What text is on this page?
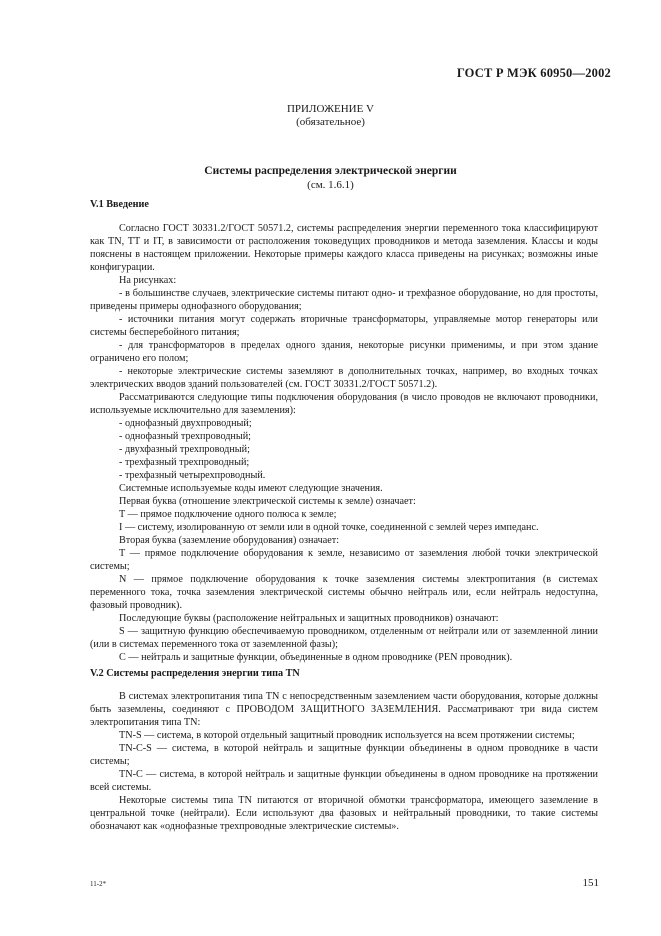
ГОСТ Р МЭК 60950—2002
ПРИЛОЖЕНИЕ V
(обязательное)
Системы распределения электрической энергии
(см. 1.6.1)
V.1 Введение

Согласно ГОСТ 30331.2/ГОСТ 50571.2, системы распределения энергии переменного тока классифицируют как TN, TT и IT, в зависимости от расположения токоведущих проводников и метода заземления. Классы и коды пояснены в настоящем приложении. Некоторые примеры каждого класса приведены на рисунках; возможны иные конфигурации.

На рисунках:

- в большинстве случаев, электрические системы питают одно- и трехфазное оборудование, но для простоты, приведены примеры однофазного оборудования;

- источники питания могут содержать вторичные трансформаторы, управляемые мотор генераторы или системы бесперебойного питания;

- для трансформаторов в пределах одного здания, некоторые рисунки применимы, и при этом здание ограничено его полом;

- некоторые электрические системы заземляют в дополнительных точках, например, во входных точках электрических вводов зданий пользователей (см. ГОСТ 30331.2/ГОСТ 50571.2).

Рассматриваются следующие типы подключения оборудования (в число проводов не включают проводники, используемые исключительно для заземления):

- однофазный двухпроводный;

- однофазный трехпроводный;

- двухфазный трехпроводный;

- трехфазный трехпроводный;

- трехфазный четырехпроводный.

Системные используемые коды имеют следующие значения.

Первая буква (отношение электрической системы к земле) означает:

T — прямое подключение одного полюса к земле;

I — систему, изолированную от земли или в одной точке, соединенной с землей через импеданс.

Вторая буква (заземление оборудования) означает:

T — прямое подключение оборудования к земле, независимо от заземления любой точки электрической системы;

N — прямое подключение оборудования к точке заземления системы электропитания (в системах переменного тока, точка заземления электрической системы обычно нейтраль или, если нейтраль недоступна, фазовый проводник).

Последующие буквы (расположение нейтральных и защитных проводников) означают:

S — защитную функцию обеспечиваемую проводником, отделенным от нейтрали или от заземленной линии (или в системах переменного тока от заземленной фазы);

C — нейтраль и защитные функции, объединенные в одном проводнике (PEN проводник).

V.2 Системы распределения энергии типа TN

В системах электропитания типа TN с непосредственным заземлением части оборудования, которые должны быть заземлены, соединяют с ПРОВОДОМ ЗАЩИТНОГО ЗАЗЕМЛЕНИЯ. Рассматривают три вида систем электропитания типа TN:

TN-S — система, в которой отдельный защитный проводник используется на всем протяжении системы;

TN-C-S — система, в которой нейтраль и защитные функции объединены в одном проводнике в части системы;

TN-C — система, в которой нейтраль и защитные функции объединены в одном проводнике на протяжении всей системы.

Некоторые системы типа TN питаются от вторичной обмотки трансформатора, имеющего заземление в центральной точке (нейтрали). Если используют два фазовых и нейтральный проводники, то такие системы обозначают как «однофазные трехпроводные электрические системы».

11-2*	151
